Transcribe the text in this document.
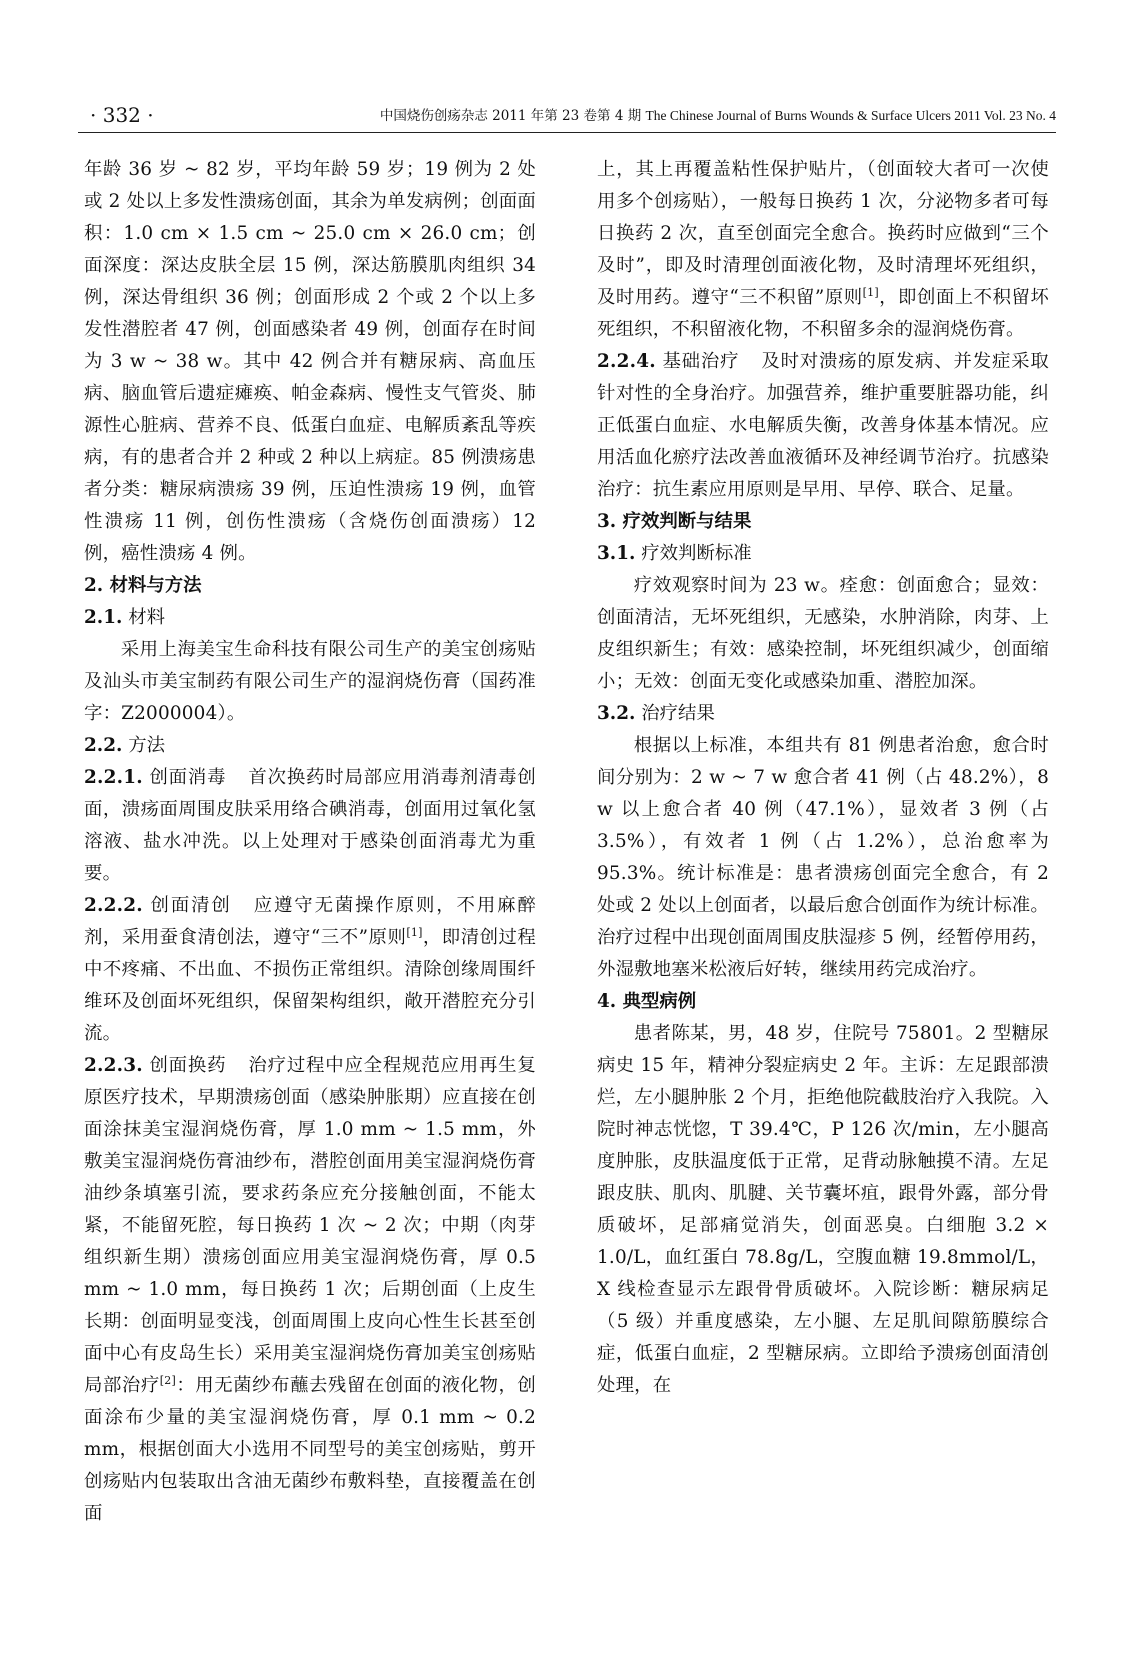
· 332 ·	中国烧伤创疡杂志 2011 年第 23 卷第 4 期 The Chinese Journal of Burns Wounds & Surface Ulcers 2011 Vol. 23 No. 4

年龄 36 岁 ~ 82 岁，平均年龄 59 岁；19 例为 2 处或 2 处以上多发性溃疡创面，其余为单发病例；创面面积：1.0 cm × 1.5 cm ~ 25.0 cm × 26.0 cm；创面深度：深达皮肤全层 15 例，深达筋膜肌肉组织 34 例，深达骨组织 36 例；创面形成 2 个或 2 个以上多发性潜腔者 47 例，创面感染者 49 例，创面存在时间为 3 w ~ 38 w。其中 42 例合并有糖尿病、高血压病、脑血管后遗症瘫痪、帕金森病、慢性支气管炎、肺源性心脏病、营养不良、低蛋白血症、电解质紊乱等疾病，有的患者合并 2 种或 2 种以上病症。85 例溃疡患者分类：糖尿病溃疡 39 例，压迫性溃疡 19 例，血管性溃疡 11 例，创伤性溃疡（含烧伤创面溃疡）12 例，癌性溃疡 4 例。

2. 材料与方法
2.1. 材料

采用上海美宝生命科技有限公司生产的美宝创疡贴及汕头市美宝制药有限公司生产的湿润烧伤膏（国药准字：Z2000004）。

2.2. 方法

2.2.1. 创面消毒 首次换药时局部应用消毒剂清毒创面，溃疡面周围皮肤采用络合碘消毒，创面用过氧化氢溶液、盐水冲洗。以上处理对于感染创面消毒尤为重要。

2.2.2. 创面清创 应遵守无菌操作原则，不用麻醉剂，采用蚕食清创法，遵守“三不”原则[1]，即清创过程中不疼痛、不出血、不损伤正常组织。清除创缘周围纤维环及创面坏死组织，保留架构组织，敞开潜腔充分引流。

2.2.3. 创面换药 治疗过程中应全程规范应用再生复原医疗技术，早期溃疡创面（感染肿胀期）应直接在创面涂抹美宝湿润烧伤膏，厚 1.0 mm ~ 1.5 mm，外敷美宝湿润烧伤膏油纱布，潜腔创面用美宝湿润烧伤膏油纱条填塞引流，要求药条应充分接触创面，不能太紧，不能留死腔，每日换药 1 次 ~ 2 次；中期（肉芽组织新生期）溃疡创面应用美宝湿润烧伤膏，厚 0.5 mm ~ 1.0 mm，每日换药 1 次；后期创面（上皮生长期：创面明显变浅，创面周围上皮向心性生长甚至创面中心有皮岛生长）采用美宝湿润烧伤膏加美宝创疡贴局部治疗[2]：用无菌纱布蘸去残留在创面的液化物，创面涂布少量的美宝湿润烧伤膏，厚 0.1 mm ~ 0.2 mm，根据创面大小选用不同型号的美宝创疡贴，剪开创疡贴内包装取出含油无菌纱布敷料垫，直接覆盖在创面

上，其上再覆盖粘性保护贴片，（创面较大者可一次使用多个创疡贴），一般每日换药 1 次，分泌物多者可每日换药 2 次，直至创面完全愈合。换药时应做到“三个及时”，即及时清理创面液化物，及时清理坏死组织，及时用药。遵守“三不积留”原则[1]，即创面上不积留坏死组织，不积留液化物，不积留多余的湿润烧伤膏。

2.2.4. 基础治疗 及时对溃疡的原发病、并发症采取针对性的全身治疗。加强营养，维护重要脏器功能，纠正低蛋白血症、水电解质失衡，改善身体基本情况。应用活血化瘀疗法改善血液循环及神经调节治疗。抗感染治疗：抗生素应用原则是早用、早停、联合、足量。

3. 疗效判断与结果
3.1. 疗效判断标准

疗效观察时间为 23 w。痊愈：创面愈合；显效：创面清洁，无坏死组织，无感染，水肿消除，肉芽、上皮组织新生；有效：感染控制，坏死组织减少，创面缩小；无效：创面无变化或感染加重、潜腔加深。

3.2. 治疗结果

根据以上标准，本组共有 81 例患者治愈，愈合时间分别为：2 w ~ 7 w 愈合者 41 例（占 48.2%），8 w 以上愈合者 40 例（47.1%），显效者 3 例（占 3.5%），有效者 1 例（占 1.2%），总治愈率为 95.3%。统计标准是：患者溃疡创面完全愈合，有 2 处或 2 处以上创面者，以最后愈合创面作为统计标准。治疗过程中出现创面周围皮肤湿疹 5 例，经暂停用药，外湿敷地塞米松液后好转，继续用药完成治疗。

4. 典型病例

患者陈某，男，48 岁，住院号 75801。2 型糖尿病史 15 年，精神分裂症病史 2 年。主诉：左足跟部溃烂，左小腿肿胀 2 个月，拒绝他院截肢治疗入我院。入院时神志恍惚，T 39.4℃，P 126 次/min，左小腿高度肿胀，皮肤温度低于正常，足背动脉触摸不清。左足跟皮肤、肌肉、肌腱、关节囊坏疽，跟骨外露，部分骨质破坏，足部痛觉消失，创面恶臭。白细胞 3.2 × 1.0/L，血红蛋白 78.8g/L，空腹血糖 19.8mmol/L，X 线检查显示左跟骨骨质破坏。入院诊断：糖尿病足（5 级）并重度感染，左小腿、左足肌间隙筋膜综合症，低蛋白血症，2 型糖尿病。立即给予溃疡创面清创处理，在
